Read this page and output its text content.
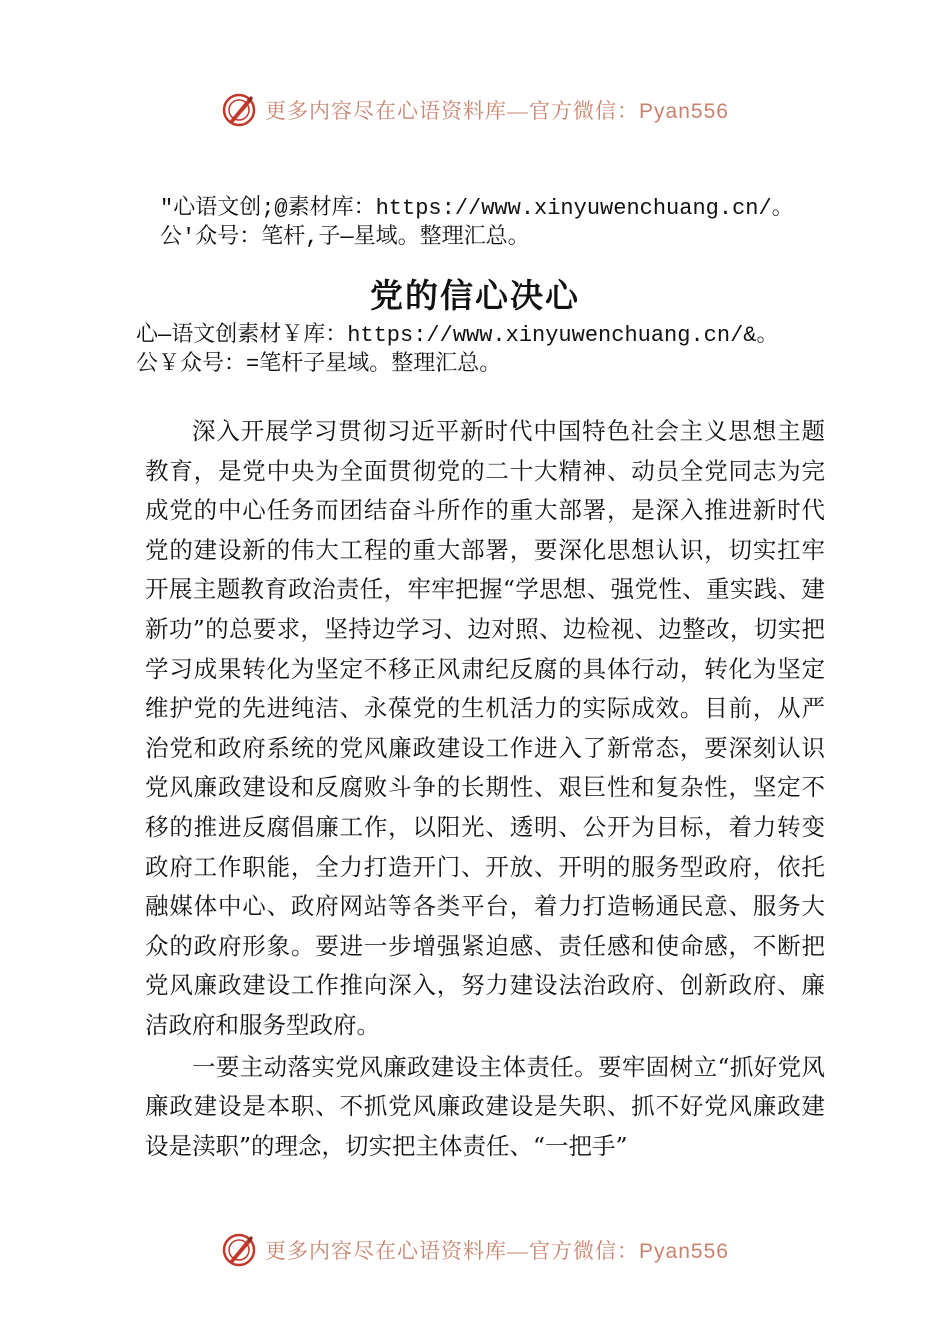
更多内容尽在心语资料库—官方微信：Pyan556
"心语文创;@素材库：https://www.xinyuwenchuang.cn/。
公'众号：笔杆,子—星域。整理汇总。
党的信心决心
心—语文创素材￥库：https://www.xinyuwenchuang.cn/&。
公￥众号：=笔杆子星域。整理汇总。

深入开展学习贯彻习近平新时代中国特色社会主义思想主题教育，是党中央为全面贯彻党的二十大精神、动员全党同志为完成党的中心任务而团结奋斗所作的重大部署，是深入推进新时代党的建设新的伟大工程的重大部署，要深化思想认识，切实扛牢开展主题教育政治责任，牢牢把握“学思想、强党性、重实践、建新功”的总要求，坚持边学习、边对照、边检视、边整改，切实把学习成果转化为坚定不移正风肃纪反腐的具体行动，转化为坚定维护党的先进纯洁、永葆党的生机活力的实际成效。目前，从严治党和政府系统的党风廉政建设工作进入了新常态，要深刻认识党风廉政建设和反腐败斗争的长期性、艰巨性和复杂性，坚定不移的推进反腐倡廉工作，以阳光、透明、公开为目标，着力转变政府工作职能，全力打造开门、开放、开明的服务型政府，依托融媒体中心、政府网站等各类平台，着力打造畅通民意、服务大众的政府形象。要进一步增强紧迫感、责任感和使命感，不断把党风廉政建设工作推向深入，努力建设法治政府、创新政府、廉洁政府和服务型政府。

一要主动落实党风廉政建设主体责任。要牢固树立“抓好党风廉政建设是本职、不抓党风廉政建设是失职、抓不好党风廉政建设是渎职”的理念，切实把主体责任、“一把手”

更多内容尽在心语资料库—官方微信：Pyan556
